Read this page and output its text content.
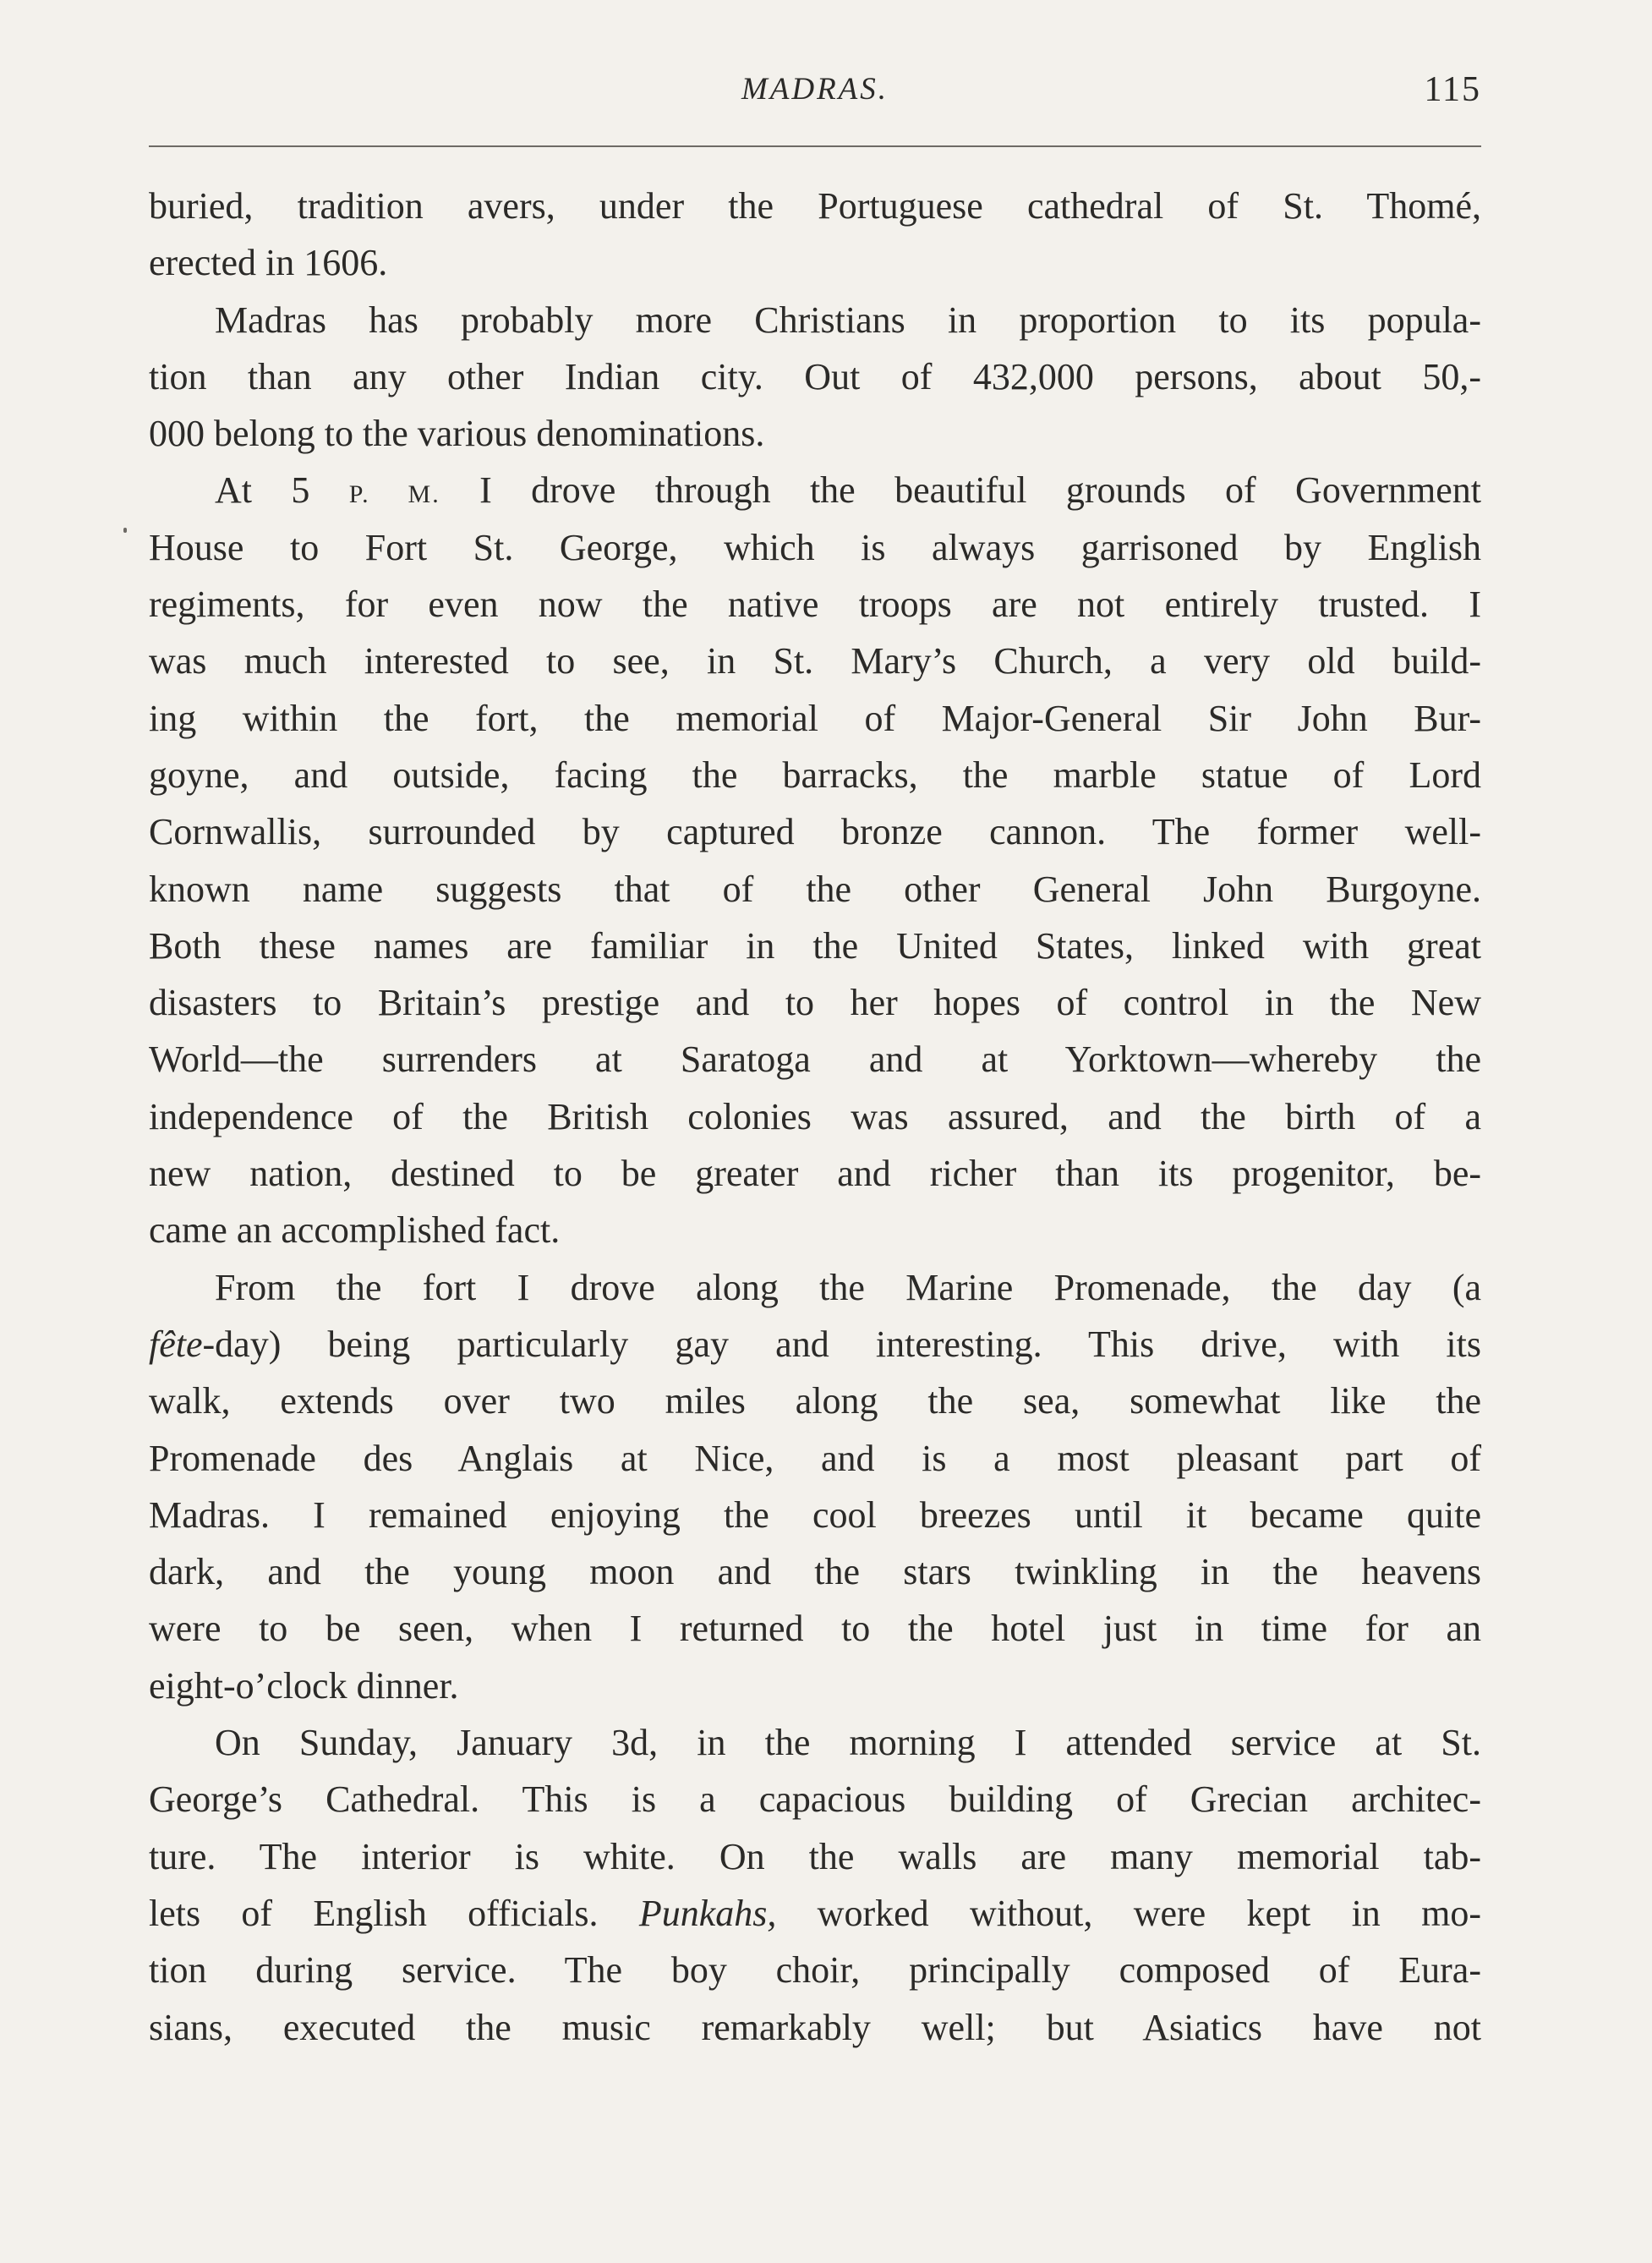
MADRAS.	115
buried, tradition avers, under the Portuguese cathedral of St. Thomé,
erected in 1606.
Madras has probably more Christians in proportion to its popula-
tion than any other Indian city. Out of 432,000 persons, about 50,-
000 belong to the various denominations.
At 5 P. M. I drove through the beautiful grounds of Government
House to Fort St. George, which is always garrisoned by English
regiments, for even now the native troops are not entirely trusted. I
was much interested to see, in St. Mary’s Church, a very old build-
ing within the fort, the memorial of Major-General Sir John Bur-
goyne, and outside, facing the barracks, the marble statue of Lord
Cornwallis, surrounded by captured bronze cannon. The former well-
known name suggests that of the other General John Burgoyne.
Both these names are familiar in the United States, linked with great
disasters to Britain’s prestige and to her hopes of control in the New
World—the surrenders at Saratoga and at Yorktown—whereby the
independence of the British colonies was assured, and the birth of a
new nation, destined to be greater and richer than its progenitor, be-
came an accomplished fact.
From the fort I drove along the Marine Promenade, the day (a
fête-day) being particularly gay and interesting. This drive, with its
walk, extends over two miles along the sea, somewhat like the
Promenade des Anglais at Nice, and is a most pleasant part of
Madras. I remained enjoying the cool breezes until it became quite
dark, and the young moon and the stars twinkling in the heavens
were to be seen, when I returned to the hotel just in time for an
eight-o’clock dinner.
On Sunday, January 3d, in the morning I attended service at St.
George’s Cathedral. This is a capacious building of Grecian architec-
ture. The interior is white. On the walls are many memorial tab-
lets of English officials. Punkahs, worked without, were kept in mo-
tion during service. The boy choir, principally composed of Eura-
sians, executed the music remarkably well; but Asiatics have not
